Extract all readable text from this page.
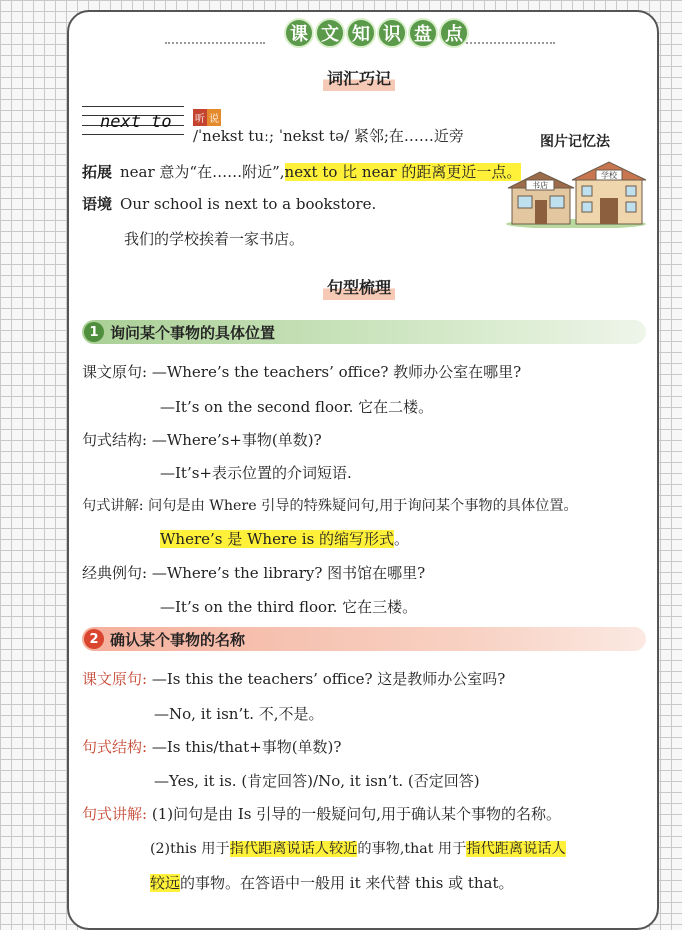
课 文 知 识 盘 点
词汇巧记
next to 听 说
/ˈnekst tuː; ˈnekst tə/ 紧邻;在……近旁	图片记忆法
拓展 near 意为“在……附近”,next to 比 near 的距离更近一点。
语境 Our school is next to a bookstore.
我们的学校挨着一家书店。
书店
学校
句型梳理
1 询问某个事物的具体位置
课文原句: —Where’s the teachers’ office? 教师办公室在哪里?
—It’s on the second floor. 它在二楼。
句式结构: —Where’s+事物(单数)?
—It’s+表示位置的介词短语.
句式讲解: 问句是由 Where 引导的特殊疑问句,用于询问某个事物的具体位置。
Where’s 是 Where is 的缩写形式。
经典例句: —Where’s the library? 图书馆在哪里?
—It’s on the third floor. 它在三楼。
2 确认某个事物的名称
课文原句: —Is this the teachers’ office? 这是教师办公室吗?
—No, it isn’t. 不,不是。
句式结构: —Is this/that+事物(单数)?
—Yes, it is. (肯定回答)/No, it isn’t. (否定回答)
句式讲解: (1)问句是由 Is 引导的一般疑问句,用于确认某个事物的名称。
(2)this 用于指代距离说话人较近的事物,that 用于指代距离说话人
较远的事物。在答语中一般用 it 来代替 this 或 that。
